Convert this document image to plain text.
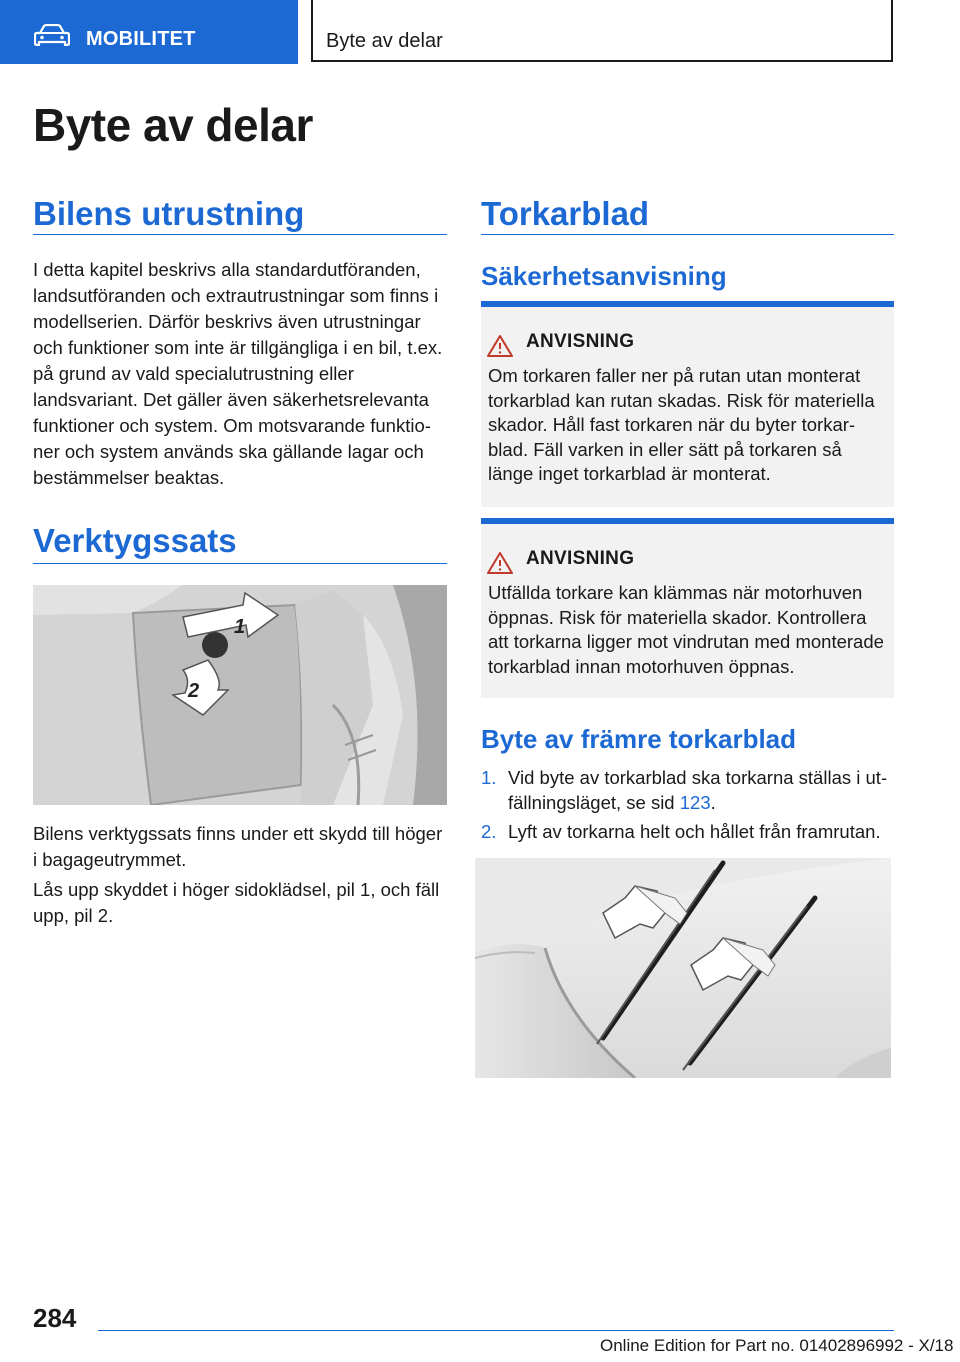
MOBILITET	Byte av delar
Byte av delar
Bilens utrustning

I detta kapitel beskrivs alla standardutföranden, landsutföranden och extrautrustningar som finns i modellserien. Därför beskrivs även utrustningar och funktioner som inte är tillgängliga i en bil, t.ex. på grund av vald specialutrustning eller landsvariant. Det gäller även säkerhetsrelevanta funktioner och system. Om motsvarande funktioner och system används ska gällande lagar och bestämmelser beaktas.

Verktygssats
1
2

Bilens verktygssats finns under ett skydd till höger i bagageutrymmet.

Lås upp skyddet i höger sidoklädsel, pil 1, och fäll upp, pil 2.

Torkarblad
Säkerhetsanvisning
ANVISNING

Om torkaren faller ner på rutan utan monterat torkarblad kan rutan skadas. Risk för materiella skador. Håll fast torkaren när du byter torkarblad. Fäll varken in eller sätt på torkaren så länge inget torkarblad är monterat.

ANVISNING

Utfällda torkare kan klämmas när motorhuven öppnas. Risk för materiella skador. Kontrollera att torkarna ligger mot vindrutan med monterade torkarblad innan motorhuven öppnas.

Byte av främre torkarblad
1. Vid byte av torkarblad ska torkarna ställas i utfällningsläget, se sid 123.
2. Lyft av torkarna helt och hållet från framrutan.
284
Online Edition for Part no. 01402896992 - X/18
